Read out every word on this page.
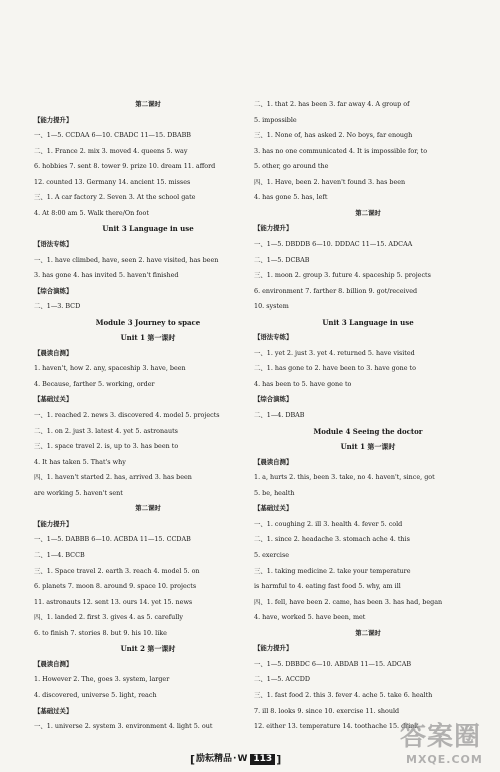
第二课时
【能力提升】
一、1—5. CCDAA 6—10. CBADC 11—15. DBABB
二、1. France 2. mix 3. moved 4. queens 5. way
6. hobbies 7. sent 8. tower 9. prize 10. dream 11. afford
12. counted 13. Germany 14. ancient 15. misses
三、1. A car factory 2. Seven 3. At the school gate
4. At 8:00 am 5. Walk there/On foot
Unit 3 Language in use
【语法专练】
一、1. have climbed, have, seen 2. have visited, has been
3. has gone 4. has invited 5. haven't finished
【综合演练】
二、1—3. BCD
Module 3 Journey to space
Unit 1 第一课时
【晨读自测】
1. haven't, how 2. any, spaceship 3. have, been
4. Because, farther 5. working, order
【基础过关】
一、1. reached 2. news 3. discovered 4. model 5. projects
二、1. on 2. just 3. latest 4. yet 5. astronauts
三、1. space travel 2. is, up to 3. has been to
4. It has taken 5. That's why
四、1. haven't started 2. has, arrived 3. has been
are working 5. haven't sent
第二课时
【能力提升】
一、1—5. DABBB 6—10. ACBDA 11—15. CCDAB
二、1—4. BCCB
三、1. Space travel 2. earth 3. reach 4. model 5. on
6. planets 7. moon 8. around 9. space 10. projects
11. astronauts 12. sent 13. ours 14. yet 15. news
四、1. landed 2. first 3. gives 4. as 5. carefully
6. to finish 7. stories 8. but 9. his 10. like
Unit 2 第一课时
【晨读自测】
1. However 2. The, goes 3. system, larger
4. discovered, universe 5. light, reach
【基础过关】
一、1. universe 2. system 3. environment 4. light 5. out
二、1. that 2. has been 3. far away 4. A group of
5. impossible
三、1. None of, has asked 2. No boys, far enough
3. has no one communicated 4. It is impossible for, to
5. other, go around the
四、1. Have, been 2. haven't found 3. has been
4. has gone 5. has, left
第二课时
【能力提升】
一、1—5. DBDDB 6—10. DDDAC 11—15. ADCAA
二、1—5. DCBAB
三、1. moon 2. group 3. future 4. spaceship 5. projects
6. environment 7. farther 8. billion 9. got/received
10. system
Unit 3 Language in use
【语法专练】
一、1. yet 2. just 3. yet 4. returned 5. have visited
二、1. has gone to 2. have been to 3. have gone to
4. has been to 5. have gone to
【综合演练】
二、1—4. DBAB
Module 4 Seeing the doctor
Unit 1 第一课时
【晨读自测】
1. a, hurts 2. this, been 3. take, no 4. haven't, since, got
5. be, health
【基础过关】
一、1. coughing 2. ill 3. health 4. fever 5. cold
二、1. since 2. headache 3. stomach ache 4. this
5. exercise
三、1. taking medicine 2. take your temperature
is harmful to 4. eating fast food 5. why, am ill
四、1. fell, have been 2. came, has been 3. has had, began
4. have, worked 5. have been, met
第二课时
【能力提升】
一、1—5. DBBDC 6—10. ABDAB 11—15. ADCAB
二、1—5. ACCDD
三、1. fast food 2. this 3. fever 4. ache 5. take 6. health
7. ill 8. looks 9. since 10. exercise 11. should
12. either 13. temperature 14. toothache 15. drink
[ 励耘精品 · W 113 ]
答案圈
MXQE.COM
